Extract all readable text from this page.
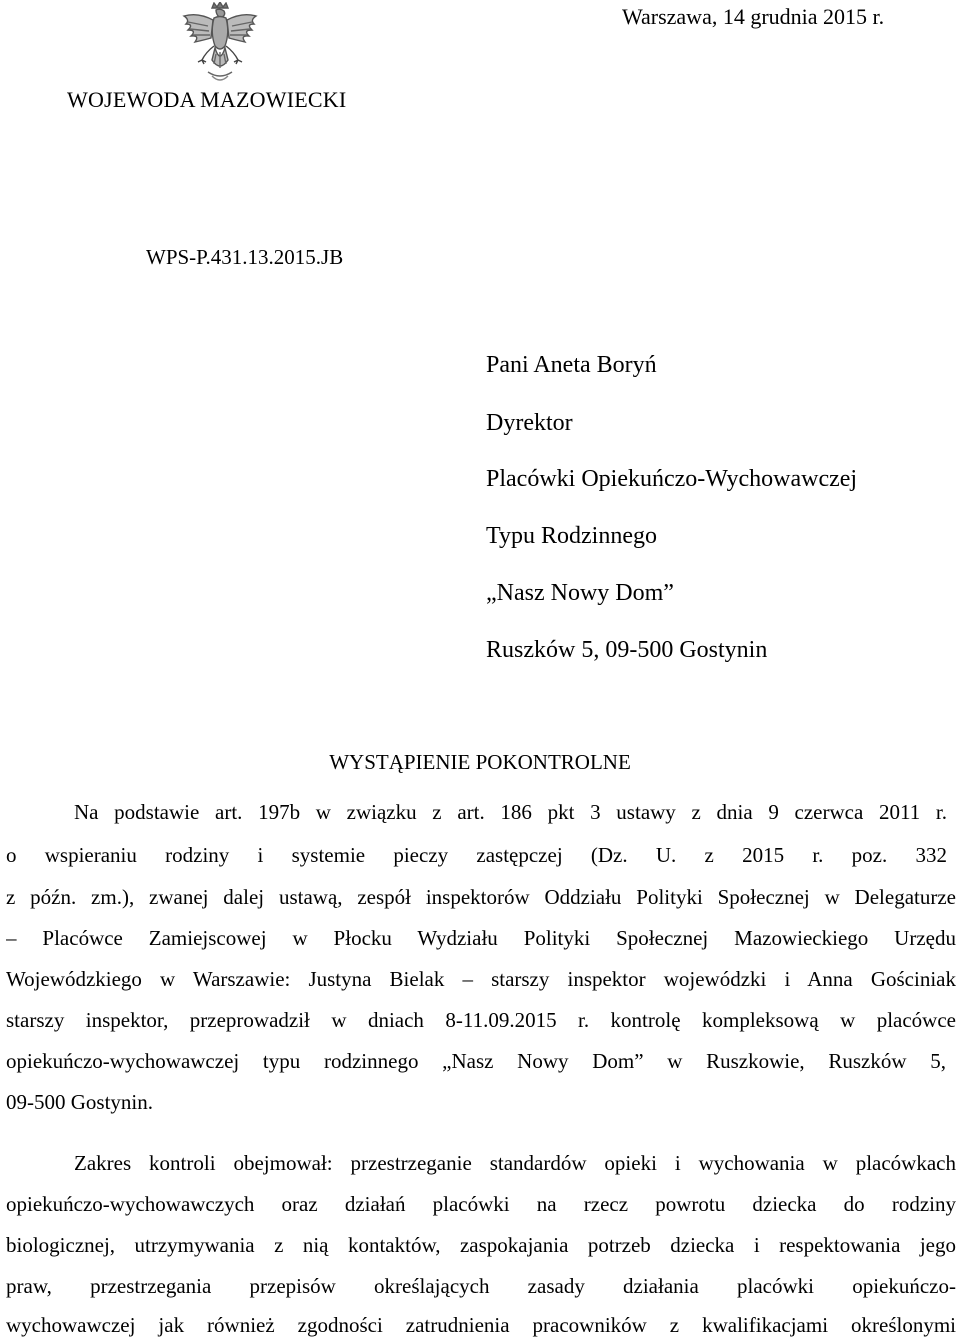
Warszawa, 14 grudnia 2015 r.
WOJEWODA MAZOWIECKI
WPS-P.431.13.2015.JB
Pani Aneta Boryń
Dyrektor
Placówki Opiekuńczo-Wychowawczej
Typu Rodzinnego
„Nasz Nowy Dom”
Ruszków 5, 09-500 Gostynin
WYSTĄPIENIE POKONTROLNE
Na podstawie art. 197b w związku z art. 186 pkt 3 ustawy z dnia 9 czerwca 2011 r.
o wspieraniu rodziny i systemie pieczy zastępczej (Dz. U. z 2015 r. poz. 332
z późn. zm.), zwanej dalej ustawą, zespół inspektorów Oddziału Polityki Społecznej w Delegaturze
– Placówce Zamiejscowej w Płocku Wydziału Polityki Społecznej Mazowieckiego Urzędu
Wojewódzkiego w Warszawie: Justyna Bielak – starszy inspektor wojewódzki i Anna Gościniak
starszy inspektor, przeprowadził w dniach 8-11.09.2015 r. kontrolę kompleksową w placówce
opiekuńczo-wychowawczej typu rodzinnego „Nasz Nowy Dom” w Ruszkowie, Ruszków 5,
09-500 Gostynin.
Zakres kontroli obejmował: przestrzeganie standardów opieki i wychowania w placówkach
opiekuńczo-wychowawczych oraz działań placówki na rzecz powrotu dziecka do rodziny
biologicznej, utrzymywania z nią kontaktów, zaspokajania potrzeb dziecka i respektowania jego
praw, przestrzegania przepisów określających zasady działania placówki opiekuńczo-
wychowawczej jak również zgodności zatrudnienia pracowników z kwalifikacjami określonymi
